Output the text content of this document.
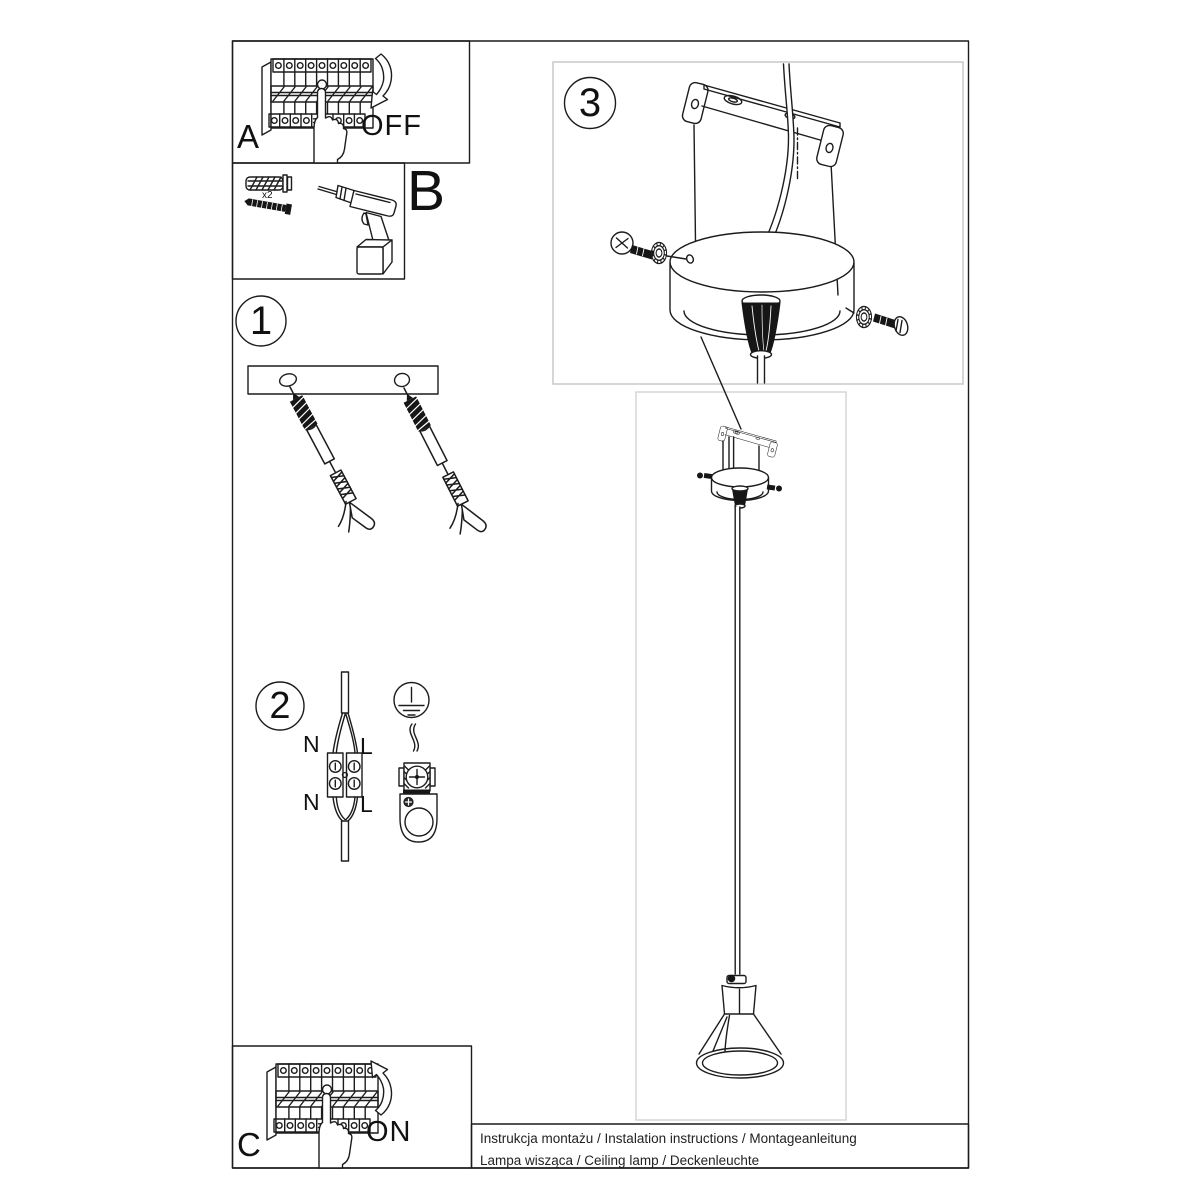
A	OFF
B
x2
1
2
3
N L
N L
ON
C	Instrukcja montażu / Instalation instructions / Montageanleitung
Lampa wisząca / Ceiling lamp / Deckenleuchte
